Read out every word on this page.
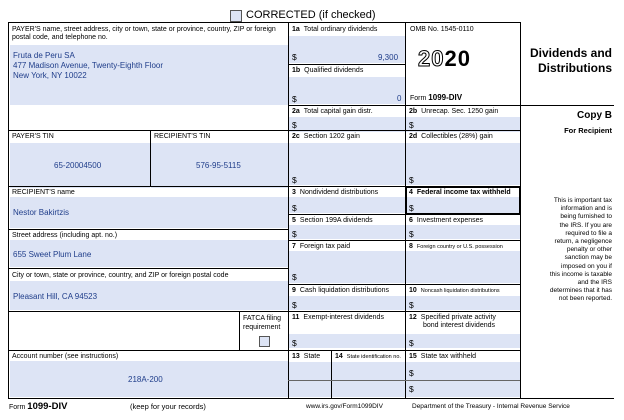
CORRECTED (if checked)
PAYER'S name, street address, city or town, state or province, country, ZIP or foreign postal code, and telephone no.
Fruta de Peru SA
477 Madison Avenue, Twenty-Eighth Floor
New York, NY 10022
PAYER'S TIN	RECIPIENT'S TIN
65-20004500	576-95-5115
RECIPIENT'S name
Nestor Bakirtzis
Street address (including apt. no.)
655 Sweet Plum Lane
City or town, state or province, country, and ZIP or foreign postal code
Pleasant Hill, CA 94523
FATCA filing
requirement
Account number (see instructions)
218A-200
1a Total ordinary dividends
$	9,300
1b Qualified dividends
$	0
2a Total capital gain distr.
$
2c Section 1202 gain
$
3 Nondividend distributions
$
5 Section 199A dividends
$
7 Foreign tax paid
$
9 Cash liquidation distributions
$
11 Exempt-interest dividends
$
13 State 14 State identification no.
OMB No. 1545-0110
2020
Form 1099-DIV
2b Unrecap. Sec. 1250 gain
$
2d Collectibles (28%) gain
$
4 Federal income tax withheld
$
6 Investment expenses
$
8 Foreign country or U.S. possession
10 Noncash liquidation distributions
$
12 Specified private activity
bond interest dividends
$
15 State tax withheld
$
$
Dividends and
Distributions
Copy B
For Recipient
This is important tax
information and is
being furnished to
the IRS. If you are
required to file a
return, a negligence
penalty or other
sanction may be
imposed on you if
this income is taxable
and the IRS
determines that it has
not been reported.
Form 1099-DIV	(keep for your records)	www.irs.gov/Form1099DIV	Department of the Treasury - Internal Revenue Service
